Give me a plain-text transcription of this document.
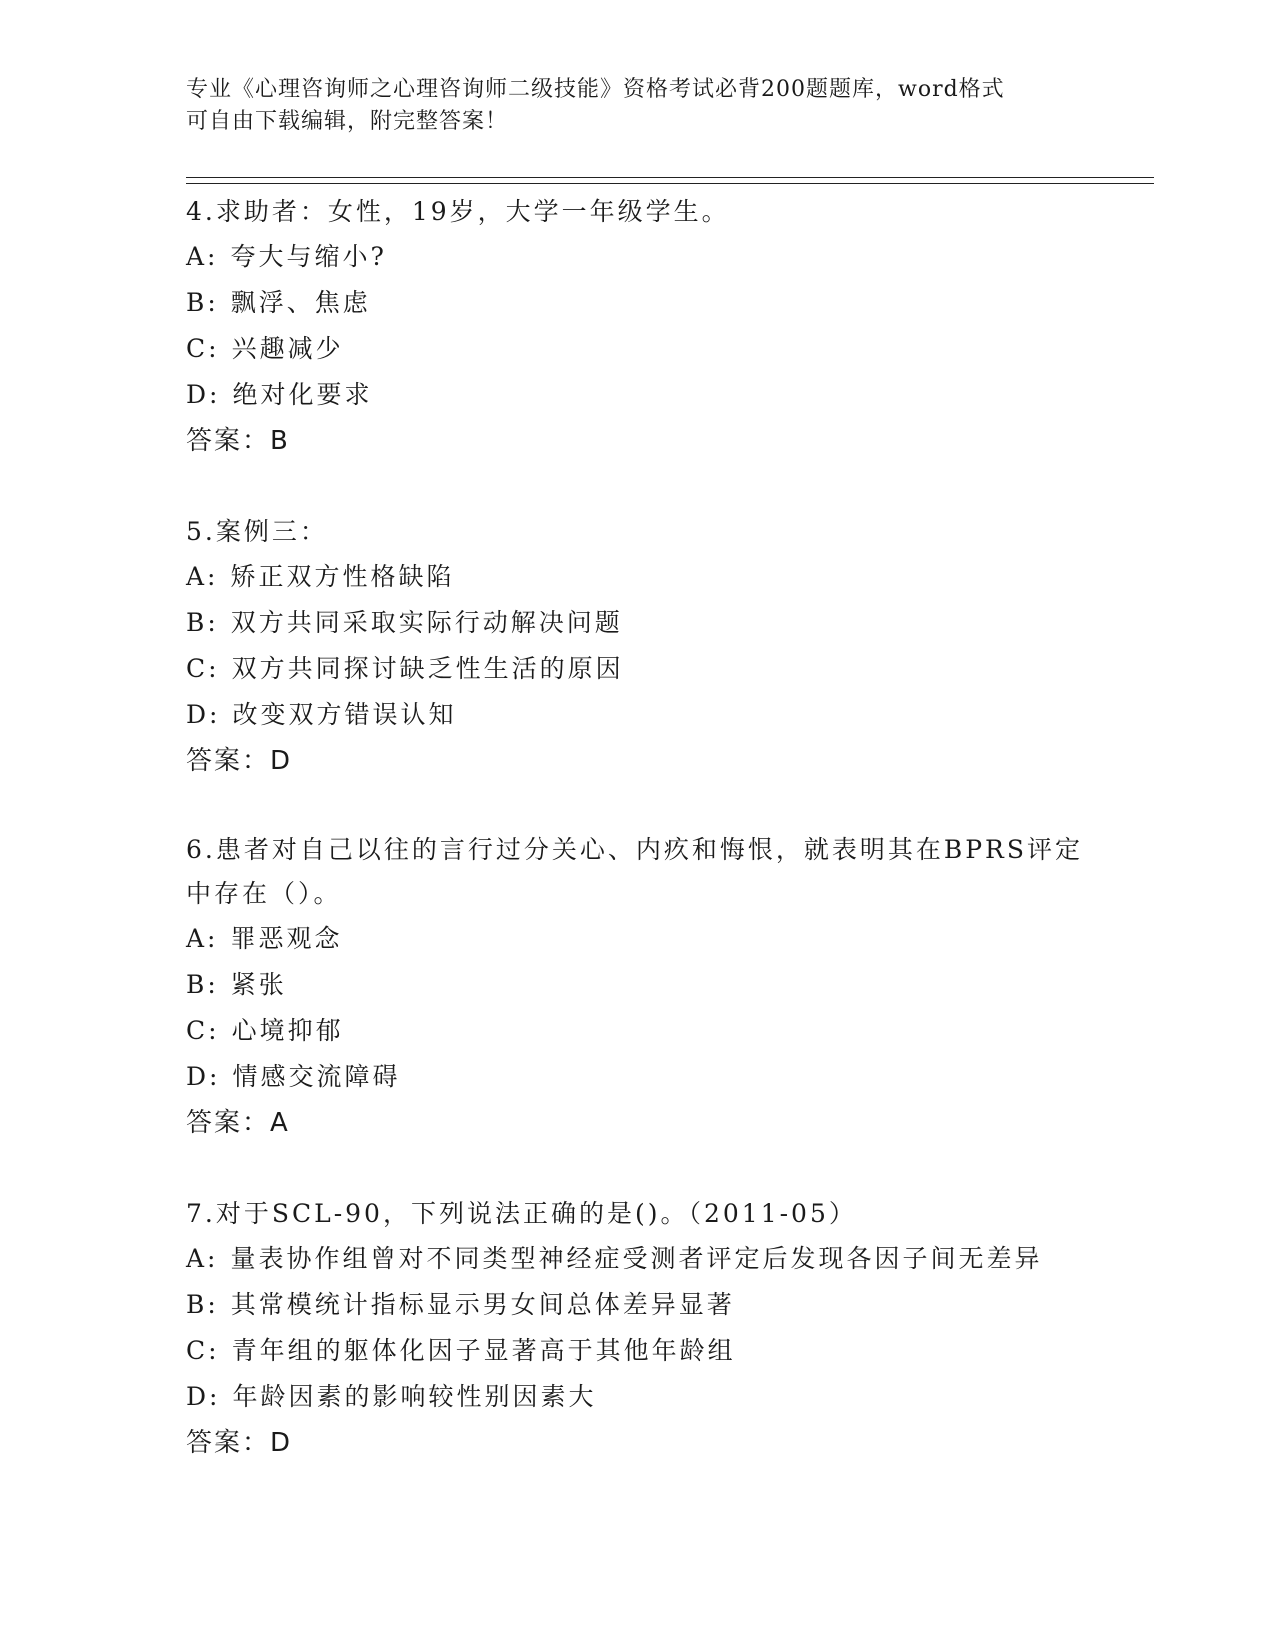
专业《心理咨询师之心理咨询师二级技能》资格考试必背200题题库，word格式
可自由下载编辑，附完整答案！
4.求助者：女性，19岁，大学一年级学生。
A: 夸大与缩小?
B: 飘浮、焦虑
C: 兴趣减少
D: 绝对化要求
答案：B
5.案例三：
A: 矫正双方性格缺陷
B: 双方共同采取实际行动解决问题
C: 双方共同探讨缺乏性生活的原因
D: 改变双方错误认知
答案：D
6.患者对自己以往的言行过分关心、内疚和悔恨，就表明其在BPRS评定中存在（）。
A: 罪恶观念
B: 紧张
C: 心境抑郁
D: 情感交流障碍
答案：A
7.对于SCL-90，下列说法正确的是()。（2011-05）
A: 量表协作组曾对不同类型神经症受测者评定后发现各因子间无差异
B: 其常模统计指标显示男女间总体差异显著
C: 青年组的躯体化因子显著高于其他年龄组
D: 年龄因素的影响较性别因素大
答案：D
